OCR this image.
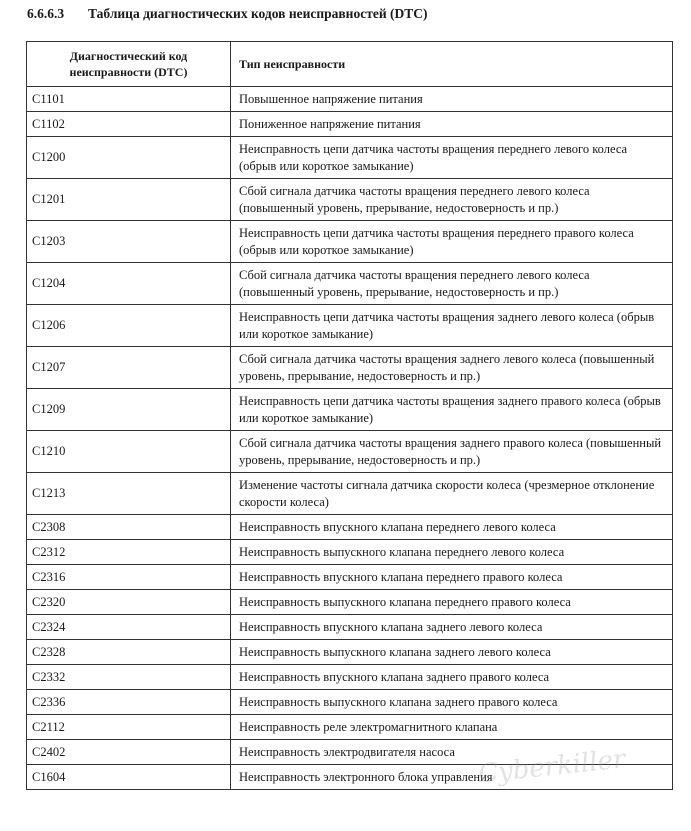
6.6.6.3 Таблица диагностических кодов неисправностей (DTC)
Диагностический код
неисправности (DTC)	Тип неисправности
C1101	Повышенное напряжение питания
C1102	Пониженное напряжение питания
C1200	Неисправность цепи датчика частоты вращения переднего левого колеса (обрыв или короткое замыкание)
C1201	Сбой сигнала датчика частоты вращения переднего левого колеса (повышенный уровень, прерывание, недостоверность и пр.)
C1203	Неисправность цепи датчика частоты вращения переднего правого колеса (обрыв или короткое замыкание)
C1204	Сбой сигнала датчика частоты вращения переднего левого колеса (повышенный уровень, прерывание, недостоверность и пр.)
C1206	Неисправность цепи датчика частоты вращения заднего левого колеса (обрыв или короткое замыкание)
C1207	Сбой сигнала датчика частоты вращения заднего левого колеса (повышенный уровень, прерывание, недостоверность и пр.)
C1209	Неисправность цепи датчика частоты вращения заднего правого колеса (обрыв или короткое замыкание)
C1210	Сбой сигнала датчика частоты вращения заднего правого колеса (повышенный уровень, прерывание, недостоверность и пр.)
C1213	Изменение частоты сигнала датчика скорости колеса (чрезмерное отклонение скорости колеса)
C2308	Неисправность впускного клапана переднего левого колеса
C2312	Неисправность выпускного клапана переднего левого колеса
C2316	Неисправность впускного клапана переднего правого колеса
C2320	Неисправность выпускного клапана переднего правого колеса
C2324	Неисправность впускного клапана заднего левого колеса
C2328	Неисправность выпускного клапана заднего левого колеса
C2332	Неисправность впускного клапана заднего правого колеса
C2336	Неисправность выпускного клапана заднего правого колеса
C2112	Неисправность реле электромагнитного клапана
C2402	Неисправность электродвигателя насоса
C1604	Неисправность электронного блока управления
Cyberkiller
